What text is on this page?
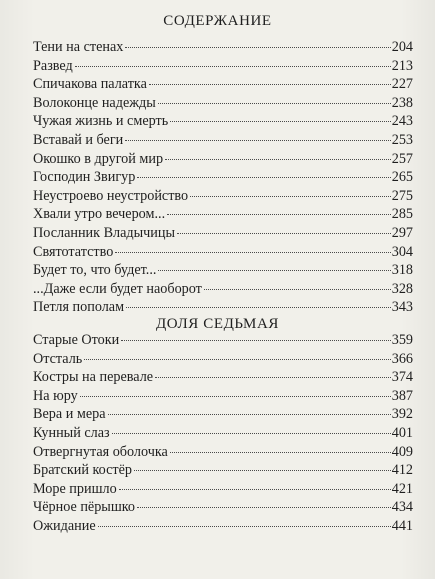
СОДЕРЖАНИЕ
Тени на стенах	204
Развед	213
Спичакова палатка	227
Волоконце надежды	238
Чужая жизнь и смерть	243
Вставай и беги	253
Окошко в другой мир	257
Господин Звигур	265
Неустроево неустройство	275
Хвали утро вечером...	285
Посланник Владычицы	297
Святотатство	304
Будет то, что будет...	318
...Даже если будет наоборот	328
Петля пополам	343
ДОЛЯ СЕДЬМАЯ
Старые Отоки	359
Отсталь	366
Костры на перевале	374
На юру	387
Вера и мера	392
Кунный слаз	401
Отвергнутая оболочка	409
Братский костёр	412
Море пришло	421
Чёрное пёрышко	434
Ожидание	441
